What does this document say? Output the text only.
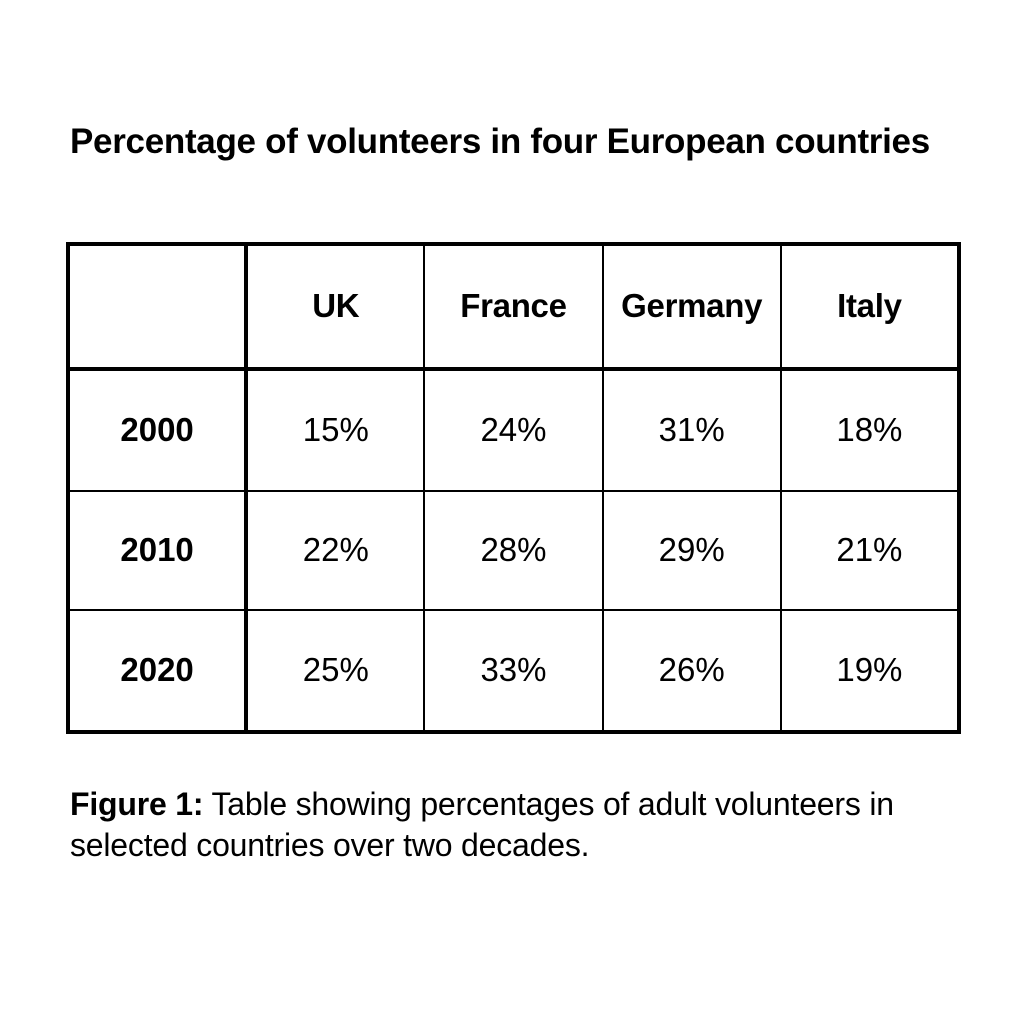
Percentage of volunteers in four European countries
	UK	France	Germany	Italy
2000	15%	24%	31%	18%
2010	22%	28%	29%	21%
2020	25%	33%	26%	19%
Figure 1: Table showing percentages of adult volunteers in selected countries over two decades.
